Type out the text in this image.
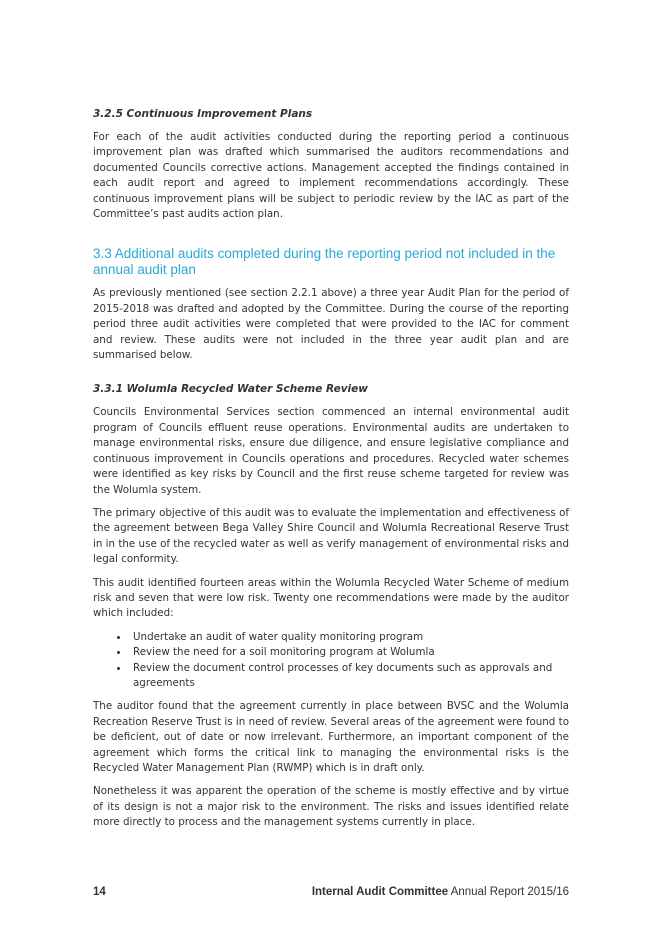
3.2.5 Continuous Improvement Plans

For each of the audit activities conducted during the reporting period a continuous improvement plan was drafted which summarised the auditors recommendations and documented Councils corrective actions. Management accepted the findings contained in each audit report and agreed to implement recommendations accordingly. These continuous improvement plans will be subject to periodic review by the IAC as part of the Committee’s past audits action plan.

3.3 Additional audits completed during the reporting period not included in the annual audit plan

As previously mentioned (see section 2.2.1 above) a three year Audit Plan for the period of 2015-2018 was drafted and adopted by the Committee. During the course of the reporting period three audit activities were completed that were provided to the IAC for comment and review. These audits were not included in the three year audit plan and are summarised below.

3.3.1 Wolumla Recycled Water Scheme Review

Councils Environmental Services section commenced an internal environmental audit program of Councils effluent reuse operations. Environmental audits are undertaken to manage environmental risks, ensure due diligence, and ensure legislative compliance and continuous improvement in Councils operations and procedures. Recycled water schemes were identified as key risks by Council and the first reuse scheme targeted for review was the Wolumla system.

The primary objective of this audit was to evaluate the implementation and effectiveness of the agreement between Bega Valley Shire Council and Wolumla Recreational Reserve Trust in in the use of the recycled water as well as verify management of environmental risks and legal conformity.

This audit identified fourteen areas within the Wolumla Recycled Water Scheme of medium risk and seven that were low risk. Twenty one recommendations were made by the auditor which included:

• Undertake an audit of water quality monitoring program
• Review the need for a soil monitoring program at Wolumla
• Review the document control processes of key documents such as approvals and agreements

The auditor found that the agreement currently in place between BVSC and the Wolumla Recreation Reserve Trust is in need of review. Several areas of the agreement were found to be deficient, out of date or now irrelevant. Furthermore, an important component of the agreement which forms the critical link to managing the environmental risks is the Recycled Water Management Plan (RWMP) which is in draft only.

Nonetheless it was apparent the operation of the scheme is mostly effective and by virtue of its design is not a major risk to the environment. The risks and issues identified relate more directly to process and the management systems currently in place.

14	Internal Audit Committee Annual Report 2015/16
